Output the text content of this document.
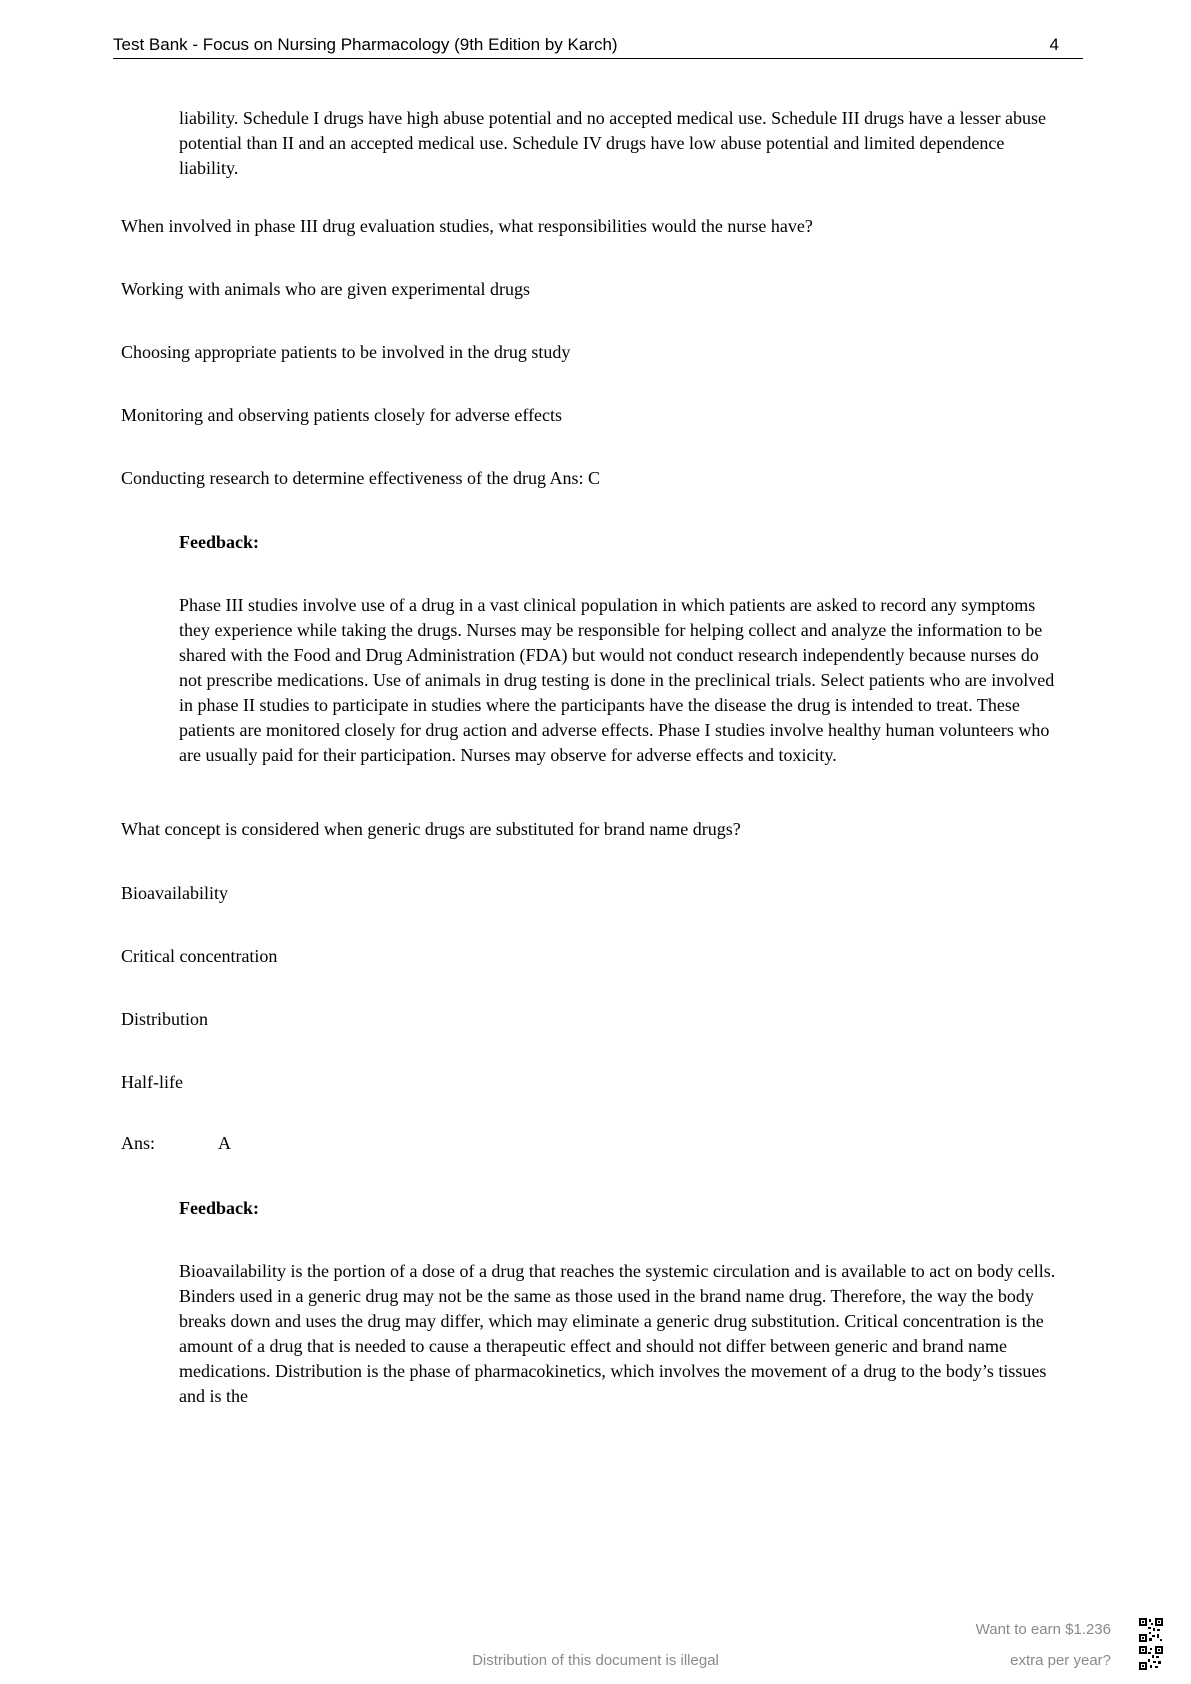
Test Bank - Focus on Nursing Pharmacology (9th Edition by Karch)	4

liability. Schedule I drugs have high abuse potential and no accepted medical use. Schedule III drugs have a lesser abuse potential than II and an accepted medical use. Schedule IV drugs have low abuse potential and limited dependence liability.

When involved in phase III drug evaluation studies, what responsibilities would the nurse have?

Working with animals who are given experimental drugs

Choosing appropriate patients to be involved in the drug study

Monitoring and observing patients closely for adverse effects

Conducting research to determine effectiveness of the drug Ans: C

Feedback:

Phase III studies involve use of a drug in a vast clinical population in which patients are asked to record any symptoms they experience while taking the drugs. Nurses may be responsible for helping collect and analyze the information to be shared with the Food and Drug Administration (FDA) but would not conduct research independently because nurses do not prescribe medications. Use of animals in drug testing is done in the preclinical trials. Select patients who are involved in phase II studies to participate in studies where the participants have the disease the drug is intended to treat. These patients are monitored closely for drug action and adverse effects. Phase I studies involve healthy human volunteers who are usually paid for their participation. Nurses may observe for adverse effects and toxicity.

What concept is considered when generic drugs are substituted for brand name drugs?

Bioavailability

Critical concentration

Distribution

Half-life

Ans:	A

Feedback:

Bioavailability is the portion of a dose of a drug that reaches the systemic circulation and is available to act on body cells. Binders used in a generic drug may not be the same as those used in the brand name drug. Therefore, the way the body breaks down and uses the drug may differ, which may eliminate a generic drug substitution. Critical concentration is the amount of a drug that is needed to cause a therapeutic effect and should not differ between generic and brand name medications. Distribution is the phase of pharmacokinetics, which involves the movement of a drug to the body’s tissues and is the

Want to earn $1.236
extra per year?
Distribution of this document is illegal
